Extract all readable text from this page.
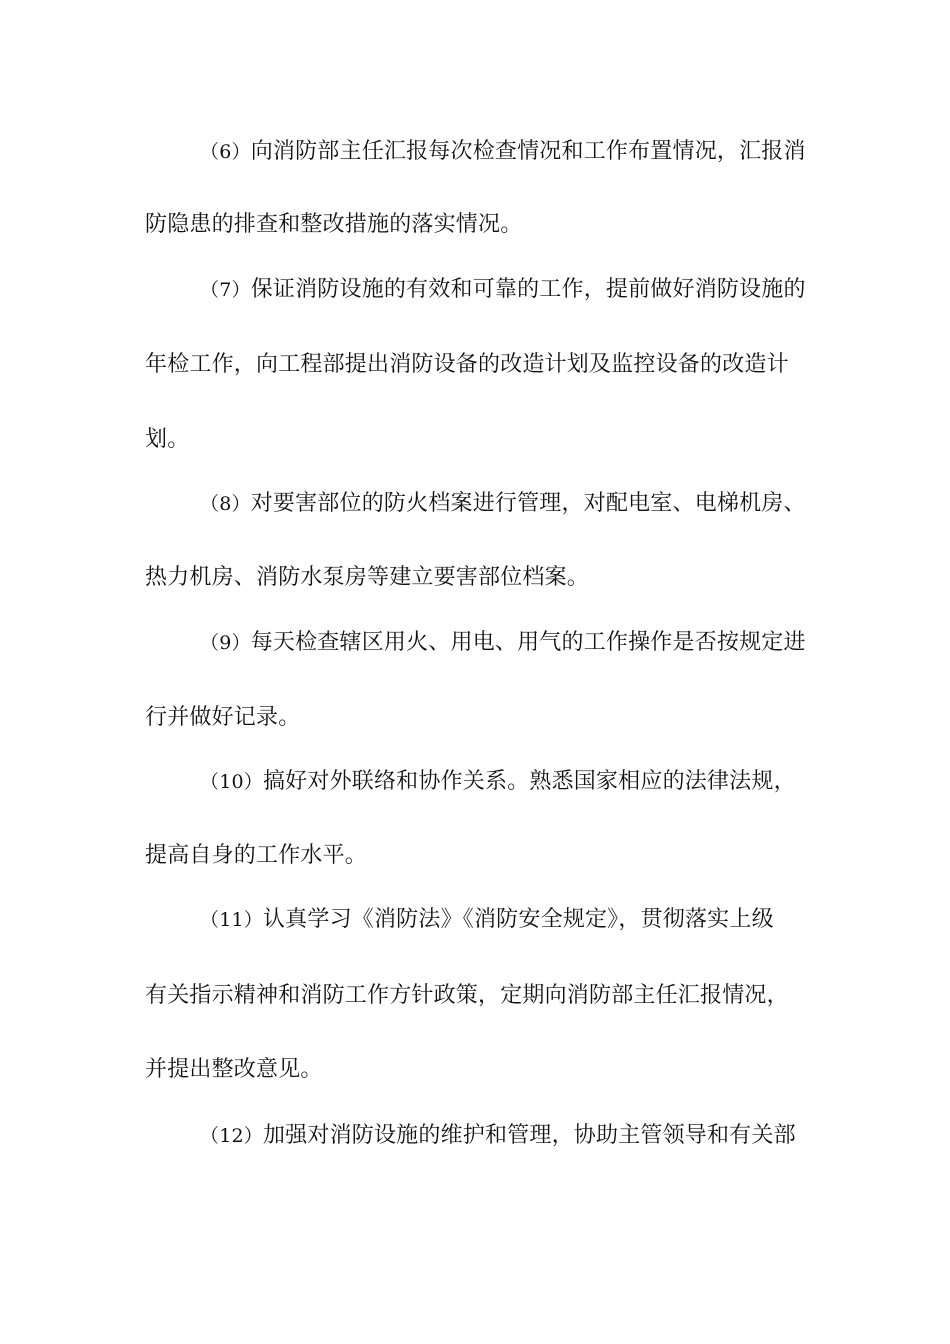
（6）向消防部主任汇报每次检查情况和工作布置情况，汇报消
防隐患的排查和整改措施的落实情况。
（7）保证消防设施的有效和可靠的工作，提前做好消防设施的
年检工作，向工程部提出消防设备的改造计划及监控设备的改造计
划。
（8）对要害部位的防火档案进行管理，对配电室、电梯机房、
热力机房、消防水泵房等建立要害部位档案。
（9）每天检查辖区用火、用电、用气的工作操作是否按规定进
行并做好记录。
（10）搞好对外联络和协作关系。熟悉国家相应的法律法规，
提高自身的工作水平。
（11）认真学习《消防法》《消防安全规定》，贯彻落实上级
有关指示精神和消防工作方针政策，定期向消防部主任汇报情况，
并提出整改意见。
（12）加强对消防设施的维护和管理，协助主管领导和有关部
